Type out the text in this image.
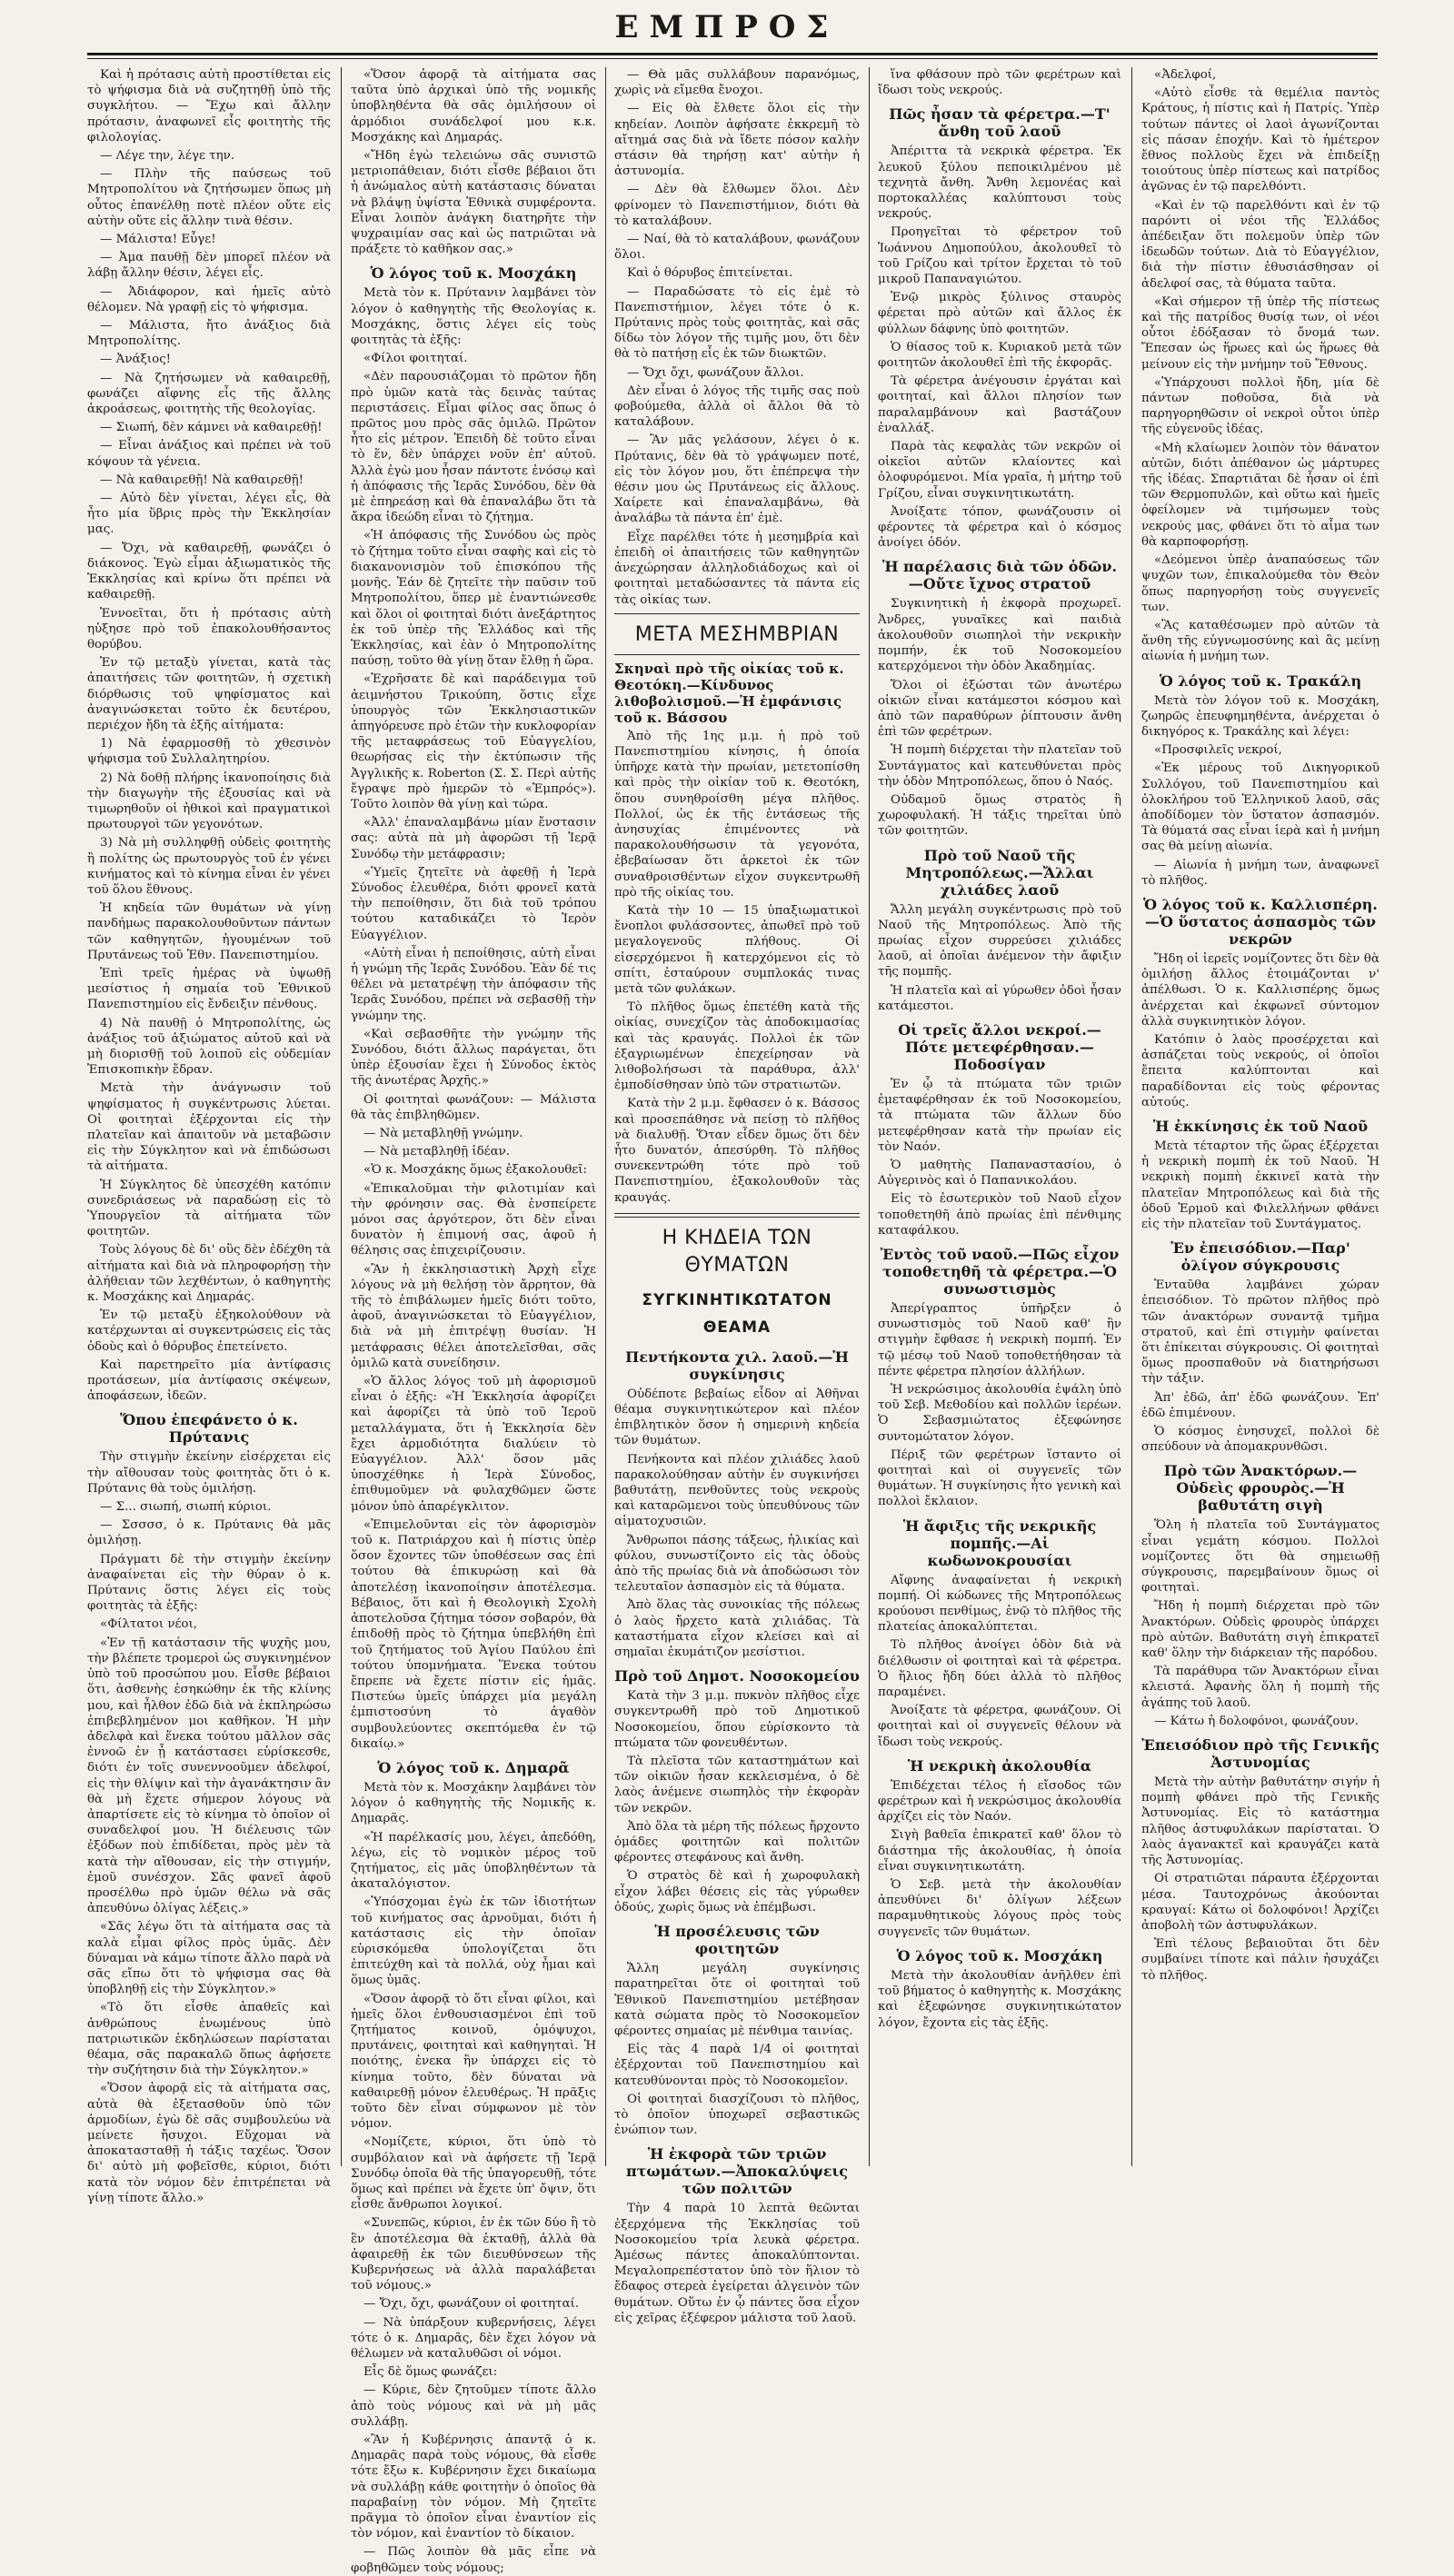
ΕΜΠΡΟΣ

Καὶ ἡ πρότασις αὐτὴ προστίθεται εἰς τὸ ψήφισμα διὰ νὰ συζητηθῇ ὑπὸ τῆς συγκλήτου. — Ἔχω καὶ ἄλλην πρότασιν, ἀναφωνεῖ εἷς φοιτητὴς τῆς φιλολογίας.

— Λέγε την, λέγε την.

— Πλὴν τῆς παύσεως τοῦ Μητροπολίτου νὰ ζητήσωμεν ὅπως μὴ οὗτος ἐπανέλθῃ ποτὲ πλέον οὔτε εἰς αὐτὴν οὔτε εἰς ἄλλην τινὰ θέσιν.

— Μάλιστα! Εὖγε!

— Ἀμα παυθῇ δὲν μπορεῖ πλέον νὰ λάβῃ ἄλλην θέσιν, λέγει εἷς.

— Ἀδιάφορον, καὶ ἡμεῖς αὐτὸ θέλομεν. Νὰ γραφῇ εἰς τὸ ψήφισμα.

— Μάλιστα, ἤτο ἀνάξιος διὰ Μητροπολίτης.

— Ἀνάξιος!

— Νὰ ζητήσωμεν νὰ καθαιρεθῇ, φωνάζει αἴφνης εἷς τῆς ἄλλης ἀκροάσεως, φοιτητὴς τῆς θεολογίας.

— Σιωπή, δὲν κάμνει νὰ καθαιρεθῇ!

— Εἶναι ἀνάξιος καὶ πρέπει νὰ τοῦ κόψουν τὰ γένεια.

— Νὰ καθαιρεθῇ! Νὰ καθαιρεθῇ!

— Αὐτὸ δὲν γίνεται, λέγει εἷς, θὰ ἦτο μία ὕβρις πρὸς τὴν Ἐκκλησίαν μας.

— Ὄχι, νὰ καθαιρεθῇ, φωνάζει ὁ διάκονος. Ἐγὼ εἶμαι ἀξιωματικὸς τῆς Ἐκκλησίας καὶ κρίνω ὅτι πρέπει νὰ καθαιρεθῇ.

Ἐννοεῖται, ὅτι ἡ πρότασις αὐτὴ ηὑξησε πρὸ τοῦ ἐπακολουθήσαντος θορύβου.

Ἐν τῷ μεταξὺ γίνεται, κατὰ τὰς ἀπαιτήσεις τῶν φοιτητῶν, ἡ σχετικὴ διόρθωσις τοῦ ψηφίσματος καὶ ἀναγινώσκεται τοῦτο ἐκ δευτέρου, περιέχον ἤδη τὰ ἑξῆς αἰτήματα:

1) Νὰ ἐφαρμοσθῇ τὸ χθεσινὸν ψήφισμα τοῦ Συλλαλητηρίου.

2) Νὰ δοθῇ πλήρης ἱκανοποίησις διὰ τὴν διαγωγὴν τῆς ἐξουσίας καὶ νὰ τιμωρηθοῦν οἱ ἠθικοὶ καὶ πραγματικοὶ πρωτουργοὶ τῶν γεγονότων.

3) Νὰ μὴ συλληφθῇ οὐδεὶς φοιτητὴς ἢ πολίτης ὡς πρωτουργὸς τοῦ ἐν γένει κινήματος καὶ τὸ κίνημα εἶναι ἐν γένει τοῦ ὅλου ἔθνους.

Ἡ κηδεία τῶν θυμάτων νὰ γίνῃ πανδήμως παρακολουθοῦντων πάντων τῶν καθηγητῶν, ἡγουμένων τοῦ Πρυτάνεως τοῦ Ἐθν. Πανεπιστημίου.

Ἐπὶ τρεῖς ἡμέρας νὰ ὑψωθῇ μεσίστιος ἡ σημαία τοῦ Ἐθνικοῦ Πανεπιστημίου εἰς ἔνδειξιν πένθους.

4) Νὰ παυθῇ ὁ Μητροπολίτης, ὡς ἀνάξιος τοῦ ἀξιώματος αὐτοῦ καὶ νὰ μὴ διορισθῇ τοῦ λοιποῦ εἰς οὐδεμίαν Ἐπισκοπικὴν ἕδραν.

Μετὰ τὴν ἀνάγνωσιν τοῦ ψηφίσματος ἡ συγκέντρωσις λύεται. Οἱ φοιτηταὶ ἐξέρχονται εἰς τὴν πλατεῖαν καὶ ἀπαιτοῦν νὰ μεταβῶσιν εἰς τὴν Σύγκλητον καὶ νὰ ἐπιδώσωσι τὰ αἰτήματα.

Ἡ Σύγκλητος δὲ ὑπεσχέθη κατόπιν συνεδριάσεως νὰ παραδώσῃ εἰς τὸ Ὑπουργεῖον τὰ αἰτήματα τῶν φοιτητῶν.

Τοὺς λόγους δὲ δι' οὓς δὲν ἐδέχθη τὰ αἰτήματα καὶ διὰ νὰ πληροφορήσῃ τὴν ἀλήθειαν τῶν λεχθέντων, ὁ καθηγητὴς κ. Μοσχάκης καὶ Δημαράς.

Ἐν τῷ μεταξὺ ἐξηκολούθουν νὰ κατέρχωνται αἱ συγκεντρώσεις εἰς τὰς ὁδοὺς καὶ ὁ θόρυβος ἐπετείνετο.

Καὶ παρετηρεῖτο μία ἀντίφασις προτάσεων, μία ἀντίφασις σκέψεων, ἀποφάσεων, ἰδεῶν.

Ὅπου ἐπεφάνετο ὁ κ. Πρύτανις

Τὴν στιγμὴν ἐκείνην εἰσέρχεται εἰς τὴν αἴθουσαν τοὺς φοιτητὰς ὅτι ὁ κ. Πρύτανις θὰ τοὺς ὁμιλήσῃ.

— Σ... σιωπή, σιωπή κύριοι.

— Σσσσσ, ὁ κ. Πρύτανις θὰ μᾶς ὁμιλήσῃ.

Πράγματι δὲ τὴν στιγμὴν ἐκείνην ἀναφαίνεται εἰς τὴν θύραν ὁ κ. Πρύτανις ὅστις λέγει εἰς τοὺς φοιτητὰς τὰ ἑξῆς:

«Φίλτατοι νέοι,

«Ἐν τῇ κατάστασιν τῆς ψυχῆς μου, τὴν βλέπετε τρομεροὶ ὡς συγκινημένον ὑπὸ τοῦ προσώπου μου. Εἶσθε βέβαιοι ὅτι, ἀσθενὴς ἐσηκώθην ἐκ τῆς κλίνης μου, καὶ ἦλθον ἐδῶ διὰ νὰ ἐκπληρώσω ἐπιβεβλημένον μοι καθῆκον. Ἡ μὴν ἀδελφὰ καὶ ἕνεκα τούτου μᾶλλον σᾶς ἐννοῶ ἐν ᾗ κατάστασει εὑρίσκεσθε, διότι ἐν τοῖς συνεννοοῦμεν ἀδελφοί, εἰς τὴν θλίψιν καὶ τὴν ἀγανάκτησιν ἂν θὰ μὴ ἔχετε σήμερον λόγους νὰ ἀπαρτίσετε εἰς τὸ κίνημα τὸ ὁποῖον οἱ συναδελφοί μου. Ἡ διέλευσις τῶν ἐξόδων ποὺ ἐπιδίδεται, πρὸς μὲν τὰ κατὰ τὴν αἴθουσαν, εἰς τὴν στιγμήν, ἐμοῦ συνέσχον. Σᾶς φανεῖ ἀφοῦ προσέλθω πρὸ ὑμῶν θέλω νὰ σᾶς ἀπευθύνω ὀλίγας λέξεις.»

«Σᾶς λέγω ὅτι τὰ αἰτήματα σας τὰ καλὰ εἶμαι φίλος πρὸς ὑμᾶς. Δὲν δύναμαι νὰ κάμω τίποτε ἄλλο παρὰ νὰ σᾶς εἴπω ὅτι τὸ ψήφισμα σας θὰ ὑποβληθῇ εἰς τὴν Σύγκλητον.»

«Τὸ ὅτι εἶσθε ἀπαθεῖς καὶ ἀνθρώπους ἐνωμένους ὑπὸ πατριωτικῶν ἐκδηλώσεων παρίσταται θέαμα, σᾶς παρακαλῶ ὅπως ἀφήσετε τὴν συζήτησιν διὰ τὴν Σύγκλητον.»

«Ὅσον ἀφορᾷ εἰς τὰ αἰτήματα σας, αὐτὰ θὰ ἐξετασθοῦν ὑπὸ τῶν ἁρμοδίων, ἐγὼ δὲ σᾶς συμβουλεύω νὰ μείνετε ἤσυχοι. Εὔχομαι νὰ ἀποκατασταθῇ ἡ τάξις ταχέως. Ὅσον δι' αὐτὸ μὴ φοβεῖσθε, κύριοι, διότι κατὰ τὸν νόμον δὲν ἐπιτρέπεται νὰ γίνῃ τίποτε ἄλλο.»

«Ὅσον ἀφορᾷ τὰ αἰτήματα σας ταῦτα ὑπὸ ἀρχικαὶ ὑπὸ τῆς νομικῆς ὑποβληθέντα θὰ σᾶς ὁμιλήσουν οἱ ἁρμόδιοι συνάδελφοί μου κ.κ. Μοσχάκης καὶ Δημαράς.

«Ἤδη ἐγὼ τελειώνω σᾶς συνιστῶ μετριοπάθειαν, διότι εἶσθε βέβαιοι ὅτι ἡ ἀνώμαλος αὐτὴ κατάστασις δύναται νὰ βλάψῃ ὑψίστα Ἐθνικὰ συμφέροντα. Εἶναι λοιπὸν ἀνάγκη διατηρῆτε τὴν ψυχραιμίαν σας καὶ ὡς πατριῶται νὰ πράξετε τὸ καθῆκον σας.»

Ὁ λόγος τοῦ κ. Μοσχάκη

Μετὰ τὸν κ. Πρύτανιν λαμβάνει τὸν λόγον ὁ καθηγητὴς τῆς Θεολογίας κ. Μοσχάκης, ὅστις λέγει εἰς τοὺς φοιτητὰς τὰ ἑξῆς:

«Φίλοι φοιτηταί.

«Δὲν παρουσιάζομαι τὸ πρῶτον ἤδη πρὸ ὑμῶν κατὰ τὰς δεινὰς ταύτας περιστάσεις. Εἶμαι φίλος σας ὅπως ὁ πρῶτος μου πρὸς σᾶς ὁμιλῶ. Πρῶτον ἦτο εἰς μέτρον. Ἐπειδὴ δὲ τοῦτο εἶναι τὸ ἕν, δὲν ὑπάρχει νοῦν ἐπ' αὐτοῦ. Ἀλλὰ ἐγὼ μου ἦσαν πάντοτε ἐνόσῳ καὶ ἡ ἀπόφασις τῆς Ἱερᾶς Συνόδου, δὲν θὰ μὲ ἐπηρεάσῃ καὶ θὰ ἐπαναλάβω ὅτι τὰ ἄκρα ἰδεώδη εἶναι τὸ ζήτημα.

«Ἡ ἀπόφασις τῆς Συνόδου ὡς πρὸς τὸ ζήτημα τοῦτο εἶναι σαφὴς καὶ εἰς τὸ διακανονισμὸν τοῦ ἐπισκόπου τῆς μονῆς. Ἐάν δὲ ζητεῖτε τὴν παῦσιν τοῦ Μητροπολίτου, ὅπερ μὲ ἐναντιώνεσθε καὶ ὅλοι οἱ φοιτηταὶ διότι ἀνεξάρτητος ἐκ τοῦ ὑπὲρ τῆς Ἑλλάδος καὶ τῆς Ἐκκλησίας, καὶ ἐὰν ὁ Μητροπολίτης παύσῃ, τοῦτο θὰ γίνῃ ὅταν ἔλθῃ ἡ ὥρα.

«Ἐχρῆσατε δὲ καὶ παράδειγμα τοῦ ἀειμνήστου Τρικούπη, ὅστις εἶχε ὑπουργὸς τῶν Ἐκκλησιαστικῶν ἀπηγόρευσε πρὸ ἐτῶν τὴν κυκλοφορίαν τῆς μεταφράσεως τοῦ Εὐαγγελίου, θεωρήσας εἰς τὴν ἐκτύπωσιν τῆς Ἀγγλικῆς κ. Roberton (Σ. Σ. Περὶ αὐτῆς ἔγραψε πρὸ ἡμερῶν τὸ «Ἐμπρός»). Τοῦτο λοιπὸν θὰ γίνῃ καὶ τώρα.

«Ἀλλ' ἐπαναλαμβάνω μίαν ἔνστασιν σας: αὐτὰ πὰ μὴ ἀφορῶσι τῇ Ἱερᾷ Συνόδῳ τὴν μετάφρασιν;

«Ὑμεῖς ζητεῖτε νὰ ἀφεθῇ ἡ Ἱερὰ Σύνοδος ἐλευθέρα, διότι φρονεῖ κατὰ τὴν πεποίθησιν, ὅτι διὰ τοῦ τρόπου τούτου καταδικάζει τὸ Ἱερὸν Εὐαγγέλιον.

«Αὐτὴ εἶναι ἡ πεποίθησις, αὐτὴ εἶναι ἡ γνώμη τῆς Ἱερᾶς Συνόδου. Ἐὰν δέ τις θέλει νὰ μετατρέψῃ τὴν ἀπόφασιν τῆς Ἱερᾶς Συνόδου, πρέπει νὰ σεβασθῇ τὴν γνώμην της.

«Καὶ σεβασθῆτε τὴν γνώμην τῆς Συνόδου, διότι ἄλλως παράγεται, ὅτι ὑπὲρ ἐξουσίαν ἔχει ἡ Σύνοδος ἐκτὸς τῆς ἀνωτέρας Ἀρχῆς.»

Οἱ φοιτηταὶ φωνάζουν: — Μάλιστα θὰ τὰς ἐπιβληθῶμεν.

— Νὰ μεταβληθῇ γνώμην.

— Νὰ μεταβληθῇ ἰδέαν.

«Ὁ κ. Μοσχάκης ὅμως ἐξακολουθεῖ:

«Ἐπικαλοῦμαι τὴν φιλοτιμίαν καὶ τὴν φρόνησιν σας. Θὰ ἐνσπείρετε μόνοι σας ἀργότερον, ὅτι δὲν εἶναι δυνατὸν ἡ ἐπιμονή σας, ἀφοῦ ἡ θέλησις σας ἐπιχειρίζουσιν.

«Ἂν ἡ ἐκκλησιαστικὴ Ἀρχὴ εἶχε λόγους νὰ μὴ θελήσῃ τὸν ἄρρητον, θὰ τῆς τὸ ἐπιβάλωμεν ἡμεῖς διότι τοῦτο, ἀφοῦ, ἀναγινώσκεται τὸ Εὐαγγέλιον, διὰ νὰ μὴ ἐπιτρέψῃ θυσίαν. Ἡ μετάφρασις θέλει ἀποτελεῖσθαι, σᾶς ὁμιλῶ κατὰ συνείδησιν.

«Ὁ ἄλλος λόγος τοῦ μὴ ἀφορισμοῦ εἶναι ὁ ἑξῆς: «Ἡ Ἐκκλησία ἀφορίζει καὶ ἀφορίζει τὰ ὑπὸ τοῦ Ἱεροῦ μεταλλάγματα, ὅτι ἡ Ἐκκλησία δὲν ἔχει ἀρμοδιότητα διαλύειν τὸ Εὐαγγέλιον. Ἀλλ' ὅσον μᾶς ὑποσχέθηκε ἡ Ἱερὰ Σύνοδος, ἐπιθυμοῦμεν νὰ φυλαχθῶμεν ὥστε μόνον ὑπὸ ἀπαρέγκλιτον.

«Ἐπιμελοῦνται εἰς τὸν ἀφορισμὸν τοῦ κ. Πατριάρχου καὶ ἡ πίστις ὑπὲρ ὅσον ἔχοντες τῶν ὑποθέσεων σας ἐπὶ τούτου θὰ ἐπικυρώσῃ καὶ θὰ ἀποτελέσῃ ἱκανοποίησιν ἀποτέλεσμα. Βέβαιος, ὅτι καὶ ἡ Θεολογικὴ Σχολὴ ἀποτελοῦσα ζήτημα τόσον σοβαρόν, θὰ ἐπιδοθῇ πρὸς τὸ ζήτημα ὑπεβλήθη ἐπὶ τοῦ ζητήματος τοῦ Ἀγίου Παύλου ἐπὶ τούτου ὑπομνήματα. Ἕνεκα τούτου ἔπρεπε νὰ ἔχετε πίστιν εἰς ἡμᾶς. Πιστεύω ὑμεῖς ὑπάρχει μία μεγάλη ἐμπιστοσύνη τὸ ἀγαθὸν συμβουλεύοντες σκεπτόμεθα ἐν τῷ δικαίῳ.»

Ὁ λόγος τοῦ κ. Δημαρᾶ

Μετὰ τὸν κ. Μοσχάκην λαμβάνει τὸν λόγον ὁ καθηγητὴς τῆς Νομικῆς κ. Δημαρᾶς.

«Ἡ παρέλκασίς μου, λέγει, ἀπεδόθη, λέγω, εἰς τὸ νομικὸν μέρος τοῦ ζητήματος, εἰς μᾶς ὑποβληθέντων τὰ ἀκαταλόγιστον.

«Ὑπόσχομαι ἐγὼ ἐκ τῶν ἰδιοτήτων τοῦ κινήματος σας ἀρνοῦμαι, διότι ἡ κατάστασις εἰς τὴν ὁποῖαν εὑρισκόμεθα ὑπολογίζεται ὅτι ἐπιτεύχθη καὶ τὰ πολλά, οὐχ ἦμαι καὶ ὅμως ὑμᾶς.

«Ὅσον ἀφορᾷ τὸ ὅτι εἶναι φίλοι, καὶ ἡμεῖς ὅλοι ἐνθουσιασμένοι ἐπὶ τοῦ ζητήματος κοινοῦ, ὁμόψυχοι, πρυτάνεις, φοιτηταὶ καὶ καθηγηταὶ. Ἡ ποιότης, ἐνεκα ἣν ὑπάρχει εἰς τὸ κίνημα τοῦτο, δὲν δύναται νὰ καθαιρεθῇ μόνον ἐλευθέρως. Ἡ πρᾶξις τοῦτο δὲν εἶναι σύμφωνον μὲ τὸν νόμον.

«Νομίζετε, κύριοι, ὅτι ὑπὸ τὸ συμβόλαιον καὶ νὰ ἀφήσετε τῇ Ἱερᾷ Συνόδῳ ὁποῖα θὰ τῆς ὑπαγορευθῇ, τότε ὅμως καὶ πρέπει νὰ ἔχετε ὑπ' ὄψιν, ὅτι εἶσθε ἄνθρωποι λογικοί.

«Συνεπῶς, κύριοι, ἐν ἐκ τῶν δύο ἢ τὸ ἓν ἀποτέλεσμα θὰ ἐκταθῇ, ἀλλὰ θὰ ἀφαιρεθῇ ἐκ τῶν διευθύνσεων τῆς Κυβερνήσεως νὰ ἀλλὰ παραλάβεται τοῦ νόμους.»

— Ὄχι, ὄχι, φωνάζουν οἱ φοιτηταί.

— Νὰ ὑπάρξουν κυβερνήσεις, λέγει τότε ὁ κ. Δημαρᾶς, δὲν ἔχει λόγον νὰ θέλωμεν νὰ καταλυθῶσι οἱ νόμοι.

Εἷς δὲ ὅμως φωνάζει:

— Κύριε, δὲν ζητοῦμεν τίποτε ἄλλο ἀπὸ τοὺς νόμους καὶ νὰ μὴ μᾶς συλλάβῃ.

«Ἂν ἡ Κυβέρνησις ἀπαντᾷ ὁ κ. Δημαρᾶς παρὰ τοὺς νόμους, θὰ εἶσθε τότε ἔξω κ. Κυβέρνησιν ἔχει δικαίωμα νὰ συλλάβῃ κάθε φοιτητὴν ὁ ὁποῖος θὰ παραβαίνῃ τὸν νόμον. Μὴ ζητεῖτε πρᾶγμα τὸ ὁποῖον εἶναι ἐναντίον εἰς τὸν νόμον, καὶ ἐναντίον τὸ δίκαιον.

— Πῶς λοιπὸν θὰ μᾶς εἶπε νὰ φοβηθῶμεν τοὺς νόμους;

— Θὰ μᾶς συλλάβουν παρανόμως, χωρὶς νὰ εἴμεθα ἔνοχοι.

— Εἰς θὰ ἔλθετε ὅλοι εἰς τὴν κηδείαν. Λοιπὸν ἀφήσατε ἐκκρεμῆ τὸ αἴτημά σας διὰ νὰ ἴδετε πόσον καλὴν στάσιν θὰ τηρήσῃ κατ' αὐτὴν ἡ ἀστυνομία.

— Δὲν θὰ ἔλθωμεν ὅλοι. Δὲν φρίνομεν τὸ Πανεπιστήμιον, διότι θὰ τὸ καταλάβουν.

— Ναί, θὰ τὸ καταλάβουν, φωνάζουν ὅλοι.

Καὶ ὁ θόρυβος ἐπιτείνεται.

— Παραδώσατε τὸ εἰς ἐμὲ τὸ Πανεπιστήμιον, λέγει τότε ὁ κ. Πρύτανις πρὸς τοὺς φοιτητὰς, καὶ σᾶς δίδω τὸν λόγον τῆς τιμῆς μου, ὅτι δὲν θὰ τὸ πατήσῃ εἷς ἐκ τῶν διωκτῶν.

— Ὄχι ὄχι, φωνάζουν ἄλλοι.

Δὲν εἶναι ὁ λόγος τῆς τιμῆς σας ποὺ φοβούμεθα, ἀλλὰ οἱ ἄλλοι θὰ τὸ καταλάβουν.

— Ἂν μᾶς γελάσουν, λέγει ὁ κ. Πρύτανις, δὲν θὰ τὸ γράψωμεν ποτέ, εἰς τὸν λόγον μου, ὅτι ἐπέπρεψα τὴν θέσιν μου ὡς Πρυτάνεως εἰς ἄλλους. Χαίρετε καὶ ἐπαναλαμβάνω, θὰ ἀναλάβω τὰ πάντα ἐπ' ἐμὲ.

Εἶχε παρέλθει τότε ἡ μεσημβρία καὶ ἐπειδὴ οἱ ἀπαιτήσεις τῶν καθηγητῶν ἀνεχώρησαν ἀλληλοδιάδοχως καὶ οἱ φοιτηταὶ μεταδώσαντες τὰ πάντα εἰς τὰς οἰκίας των.

ΜΕΤΑ ΜΕΣΗΜΒΡΙΑΝ
Σκηναὶ πρὸ τῆς οἰκίας τοῦ κ. Θεοτόκη.—Κίνδυνος λιθοβολισμοῦ.—Ἡ ἐμφάνισις τοῦ κ. Βάσσου

Ἀπὸ τῆς 1ης μ.μ. ἡ πρὸ τοῦ Πανεπιστημίου κίνησις, ἡ ὁποία ὑπῆρχε κατὰ τὴν πρωίαν, μετετοπίσθη καὶ πρὸς τὴν οἰκίαν τοῦ κ. Θεοτόκη, ὅπου συνηθροίσθη μέγα πλῆθος. Πολλοί, ὡς ἐκ τῆς ἐντάσεως τῆς ἀνησυχίας ἐπιμένοντες νὰ παρακολουθήσωσιν τὰ γεγονότα, ἐβεβαίωσαν ὅτι ἀρκετοὶ ἐκ τῶν συναθροισθέντων εἶχον συγκεντρωθῆ πρὸ τῆς οἰκίας του.

Κατὰ τὴν 10 — 15 ὑπαξιωματικοὶ ἔνοπλοι φυλάσσοντες, ἀπωθεῖ πρὸ τοῦ μεγαλογενοῦς πλήθους. Οἱ εἰσερχόμενοι ἢ κατερχόμενοι εἰς τὸ σπίτι, ἐσταύρουν συμπλοκάς τινας μετὰ τῶν φυλάκων.

Τὸ πλῆθος ὅμως ἐπετέθη κατὰ τῆς οἰκίας, συνεχίζον τὰς ἀποδοκιμασίας καὶ τὰς κραυγάς. Πολλοὶ ἐκ τῶν ἐξαγριωμένων ἐπεχείρησαν νὰ λιθοβολήσωσι τὰ παράθυρα, ἀλλ' ἐμποδίσθησαν ὑπὸ τῶν στρατιωτῶν.

Κατὰ τὴν 2 μ.μ. ἔφθασεν ὁ κ. Βάσσος καὶ προσεπάθησε νὰ πείσῃ τὸ πλῆθος νὰ διαλυθῇ. Ὅταν εἶδεν ὅμως ὅτι δὲν ἦτο δυνατόν, ἀπεσύρθη. Τὸ πλῆθος συνεκεντρώθη τότε πρὸ τοῦ Πανεπιστημίου, ἐξακολουθοῦν τὰς κραυγάς.

Η ΚΗΔΕΙΑ ΤΩΝ ΘΥΜΑΤΩΝ
ΣΥΓΚΙΝΗΤΙΚΩΤΑΤΟΝ ΘΕΑΜΑ
Πεντήκοντα χιλ. λαοῦ.—Ἡ συγκίνησις

Οὐδέποτε βεβαίως εἶδον αἱ Ἀθῆναι θέαμα συγκινητικώτερον καὶ πλέον ἐπιβλητικὸν ὅσον ἡ σημερινὴ κηδεία τῶν θυμάτων.

Πενήκοντα καὶ πλέον χιλιάδες λαοῦ παρακολούθησαν αὐτὴν ἐν συγκινήσει βαθυτάτῃ, πενθοῦντες τοὺς νεκροὺς καὶ καταρῶμενοι τοὺς ὑπευθύνους τῶν αἱματοχυσιῶν.

Ἄνθρωποι πάσης τάξεως, ἡλικίας καὶ φύλου, συνωστίζοντο εἰς τὰς ὁδοὺς ἀπὸ τῆς πρωίας διὰ νὰ ἀποδώσωσι τὸν τελευταῖον ἀσπασμὸν εἰς τὰ θύματα.

Ἀπὸ ὅλας τὰς συνοικίας τῆς πόλεως ὁ λαὸς ἤρχετο κατὰ χιλιάδας. Τὰ καταστήματα εἶχον κλείσει καὶ αἱ σημαῖαι ἐκυμάτιζον μεσίστιοι.

Πρὸ τοῦ Δημοτ. Νοσοκομείου

Κατὰ τὴν 3 μ.μ. πυκνὸν πλῆθος εἶχε συγκεντρωθῆ πρὸ τοῦ Δημοτικοῦ Νοσοκομείου, ὅπου εὑρίσκοντο τὰ πτώματα τῶν φονευθέντων.

Τὰ πλεῖστα τῶν καταστημάτων καὶ τῶν οἰκιῶν ἦσαν κεκλεισμένα, ὁ δὲ λαὸς ἀνέμενε σιωπηλὸς τὴν ἐκφορὰν τῶν νεκρῶν.

Ἀπὸ ὅλα τὰ μέρη τῆς πόλεως ἤρχοντο ὁμάδες φοιτητῶν καὶ πολιτῶν φέροντες στεφάνους καὶ ἄνθη.

Ὁ στρατὸς δὲ καὶ ἡ χωροφυλακὴ εἶχον λάβει θέσεις εἰς τὰς γύρωθεν ὁδούς, χωρὶς ὅμως νὰ ἐπέμβωσι.

Ἡ προσέλευσις τῶν φοιτητῶν

Ἄλλη μεγάλη συγκίνησις παρατηρεῖται ὅτε οἱ φοιτηταὶ τοῦ Ἐθνικοῦ Πανεπιστημίου μετέβησαν κατὰ σώματα πρὸς τὸ Νοσοκομεῖον φέροντες σημαίας μὲ πένθιμα ταινίας.

Εἰς τὰς 4 παρὰ 1/4 οἱ φοιτηταὶ ἐξέρχονται τοῦ Πανεπιστημίου καὶ κατευθύνονται πρὸς τὸ Νοσοκομεῖον.

Οἱ φοιτηταὶ διασχίζουσι τὸ πλῆθος, τὸ ὁποῖον ὑποχωρεῖ σεβαστικῶς ἐνώπιον των.

Ἡ ἐκφορὰ τῶν τριῶν πτωμάτων.—Ἀποκαλύψεις τῶν πολιτῶν

Τὴν 4 παρὰ 10 λεπτὰ θεῶνται ἐξερχόμενα τῆς Ἐκκλησίας τοῦ Νοσοκομείου τρία λευκὰ φέρετρα. Ἀμέσως πάντες ἀποκαλύπτονται. Μεγαλοπρεπέστατον ὑπὸ τὸν ἥλιον τὸ ἔδαφος στερεὰ ἐγείρεται ἀλγεινὸν τῶν θυμάτων. Οὕτω ἐν ᾧ πάντες ὅσα εἶχον εἰς χεῖρας ἐξέφερον μάλιστα τοῦ λαοῦ.

ἵνα φθάσουν πρὸ τῶν φερέτρων καὶ ἴδωσι τοὺς νεκρούς.

Πῶς ἦσαν τὰ φέρετρα.—Τ' ἄνθη τοῦ λαοῦ

Ἀπέριττα τὰ νεκρικὰ φέρετρα. Ἐκ λευκοῦ ξύλου πεποικιλμένου μὲ τεχνητὰ ἄνθη. Ἄνθη λεμονέας καὶ πορτοκαλλέας καλύπτουσι τοὺς νεκρούς.

Προηγεῖται τὸ φέρετρον τοῦ Ἰωάννου Δημοπούλου, ἀκολουθεῖ τὸ τοῦ Γρίζου καὶ τρίτον ἔρχεται τὸ τοῦ μικροῦ Παπαναγιώτου.

Ἐνῷ μικρὸς ξύλινος σταυρὸς φέρεται πρὸ αὐτῶν καὶ ἄλλος ἐκ φύλλων δάφνης ὑπὸ φοιτητῶν.

Ὁ θίασος τοῦ κ. Κυριακοῦ μετὰ τῶν φοιτητῶν ἀκολουθεῖ ἐπὶ τῆς ἐκφορᾶς.

Τὰ φέρετρα ἀνέγουσιν ἐργάται καὶ φοιτηταί, καὶ ἄλλοι πλησίον των παραλαμβάνουν καὶ βαστάζουν ἐναλλάξ.

Παρὰ τὰς κεφαλὰς τῶν νεκρῶν οἱ οἰκεῖοι αὐτῶν κλαίοντες καὶ ὀλοφυρόμενοι. Μία γραῖα, ἡ μήτηρ τοῦ Γρίζου, εἶναι συγκινητικωτάτη.

Ἀνοίξατε τόπον, φωνάζουσιν οἱ φέροντες τὰ φέρετρα καὶ ὁ κόσμος ἀνοίγει ὁδόν.

Ἡ παρέλασις διὰ τῶν ὁδῶν.—Οὔτε ἴχνος στρατοῦ

Συγκινητικὴ ἡ ἐκφορὰ προχωρεῖ. Ἀνδρες, γυναῖκες καὶ παιδιὰ ἀκολουθοῦν σιωπηλοὶ τὴν νεκρικὴν πομπήν, ἐκ τοῦ Νοσοκομείου κατερχόμενοι τὴν ὁδὸν Ἀκαδημίας.

Ὅλοι οἱ ἐξώσται τῶν ἀνωτέρω οἰκιῶν εἶναι κατάμεστοι κόσμου καὶ ἀπὸ τῶν παραθύρων ῥίπτουσιν ἄνθη ἐπὶ τῶν φερέτρων.

Ἡ πομπὴ διέρχεται τὴν πλατεῖαν τοῦ Συντάγματος καὶ κατευθύνεται πρὸς τὴν ὁδὸν Μητροπόλεως, ὅπου ὁ Ναός.

Οὐδαμοῦ ὅμως στρατὸς ἢ χωροφυλακή. Ἡ τάξις τηρεῖται ὑπὸ τῶν φοιτητῶν.

Πρὸ τοῦ Ναοῦ τῆς Μητροπόλεως.—Ἄλλαι χιλιάδες λαοῦ

Ἄλλη μεγάλη συγκέντρωσις πρὸ τοῦ Ναοῦ τῆς Μητροπόλεως. Ἀπὸ τῆς πρωίας εἶχον συρρεύσει χιλιάδες λαοῦ, αἱ ὁποῖαι ἀνέμενον τὴν ἄφιξιν τῆς πομπῆς.

Ἡ πλατεῖα καὶ αἱ γύρωθεν ὁδοὶ ἦσαν κατάμεστοι.

Οἱ τρεῖς ἄλλοι νεκροί.—Πότε μετεφέρθησαν.—Ποδοσίγαν

Ἐν ᾧ τὰ πτώματα τῶν τριῶν ἐμεταφέρθησαν ἐκ τοῦ Νοσοκομείου, τὰ πτώματα τῶν ἄλλων δύο μετεφέρθησαν κατὰ τὴν πρωίαν εἰς τὸν Ναόν.

Ὁ μαθητὴς Παπαναστασίου, ὁ Αὐγερινὸς καὶ ὁ Παπανικολάου.

Εἰς τὸ ἐσωτερικὸν τοῦ Ναοῦ εἶχον τοποθετηθῆ ἀπὸ πρωίας ἐπὶ πένθιμης καταφάλκου.

Ἐντὸς τοῦ ναοῦ.—Πῶς εἶχον τοποθετηθῆ τὰ φέρετρα.—Ὁ συνωστισμὸς

Ἀπερίγραπτος ὑπῆρξεν ὁ συνωστισμὸς τοῦ Ναοῦ καθ' ἣν στιγμὴν ἔφθασε ἡ νεκρικὴ πομπή. Ἐν τῷ μέσῳ τοῦ Ναοῦ τοποθετήθησαν τὰ πέντε φέρετρα πλησίον ἀλλήλων.

Ἡ νεκρώσιμος ἀκολουθία ἐψάλη ὑπὸ τοῦ Σεβ. Μεθοδίου καὶ πολλῶν ἱερέων. Ὁ Σεβασμιώτατος ἐξεφώνησε συντομώτατον λόγον.

Πέριξ τῶν φερέτρων ἵσταντο οἱ φοιτηταὶ καὶ οἱ συγγενεῖς τῶν θυμάτων. Ἡ συγκίνησις ἦτο γενικὴ καὶ πολλοὶ ἔκλαιον.

Ἡ ἄφιξις τῆς νεκρικῆς πομπῆς.—Αἱ κωδωνοκρουσίαι

Αἴφνης ἀναφαίνεται ἡ νεκρικὴ πομπή. Οἱ κώδωνες τῆς Μητροπόλεως κρούουσι πενθίμως, ἐνῷ τὸ πλῆθος τῆς πλατείας ἀποκαλύπτεται.

Τὸ πλῆθος ἀνοίγει ὁδὸν διὰ νὰ διέλθωσιν οἱ φοιτηταὶ καὶ τὰ φέρετρα. Ὁ ἥλιος ἤδη δύει ἀλλὰ τὸ πλῆθος παραμένει.

Ἀνοίξατε τὰ φέρετρα, φωνάζουν. Οἱ φοιτηταὶ καὶ οἱ συγγενεῖς θέλουν νὰ ἴδωσι τοὺς νεκρούς.

Ἡ νεκρικὴ ἀκολουθία

Ἐπιδέχεται τέλος ἡ εἴσοδος τῶν φερέτρων καὶ ἡ νεκρώσιμος ἀκολουθία ἀρχίζει εἰς τὸν Ναόν.

Σιγὴ βαθεῖα ἐπικρατεῖ καθ' ὅλον τὸ διάστημα τῆς ἀκολουθίας, ἡ ὁποία εἶναι συγκινητικωτάτη.

Ὁ Σεβ. μετὰ τὴν ἀκολουθίαν ἀπευθύνει δι' ὀλίγων λέξεων παραμυθητικοὺς λόγους πρὸς τοὺς συγγενεῖς τῶν θυμάτων.

Ὁ λόγος τοῦ κ. Μοσχάκη

Μετὰ τὴν ἀκολουθίαν ἀνῆλθεν ἐπὶ τοῦ βήματος ὁ καθηγητὴς κ. Μοσχάκης καὶ ἐξεφώνησε συγκινητικώτατον λόγον, ἔχοντα εἰς τὰς ἑξῆς.

«Ἀδελφοί,

«Αὐτὸ εἶσθε τὰ θεμέλια παντὸς Κράτους, ἡ πίστις καὶ ἡ Πατρίς. Ὑπὲρ τούτων πάντες οἱ λαοὶ ἀγωνίζονται εἰς πάσαν ἐποχήν. Καὶ τὸ ἡμέτερον ἔθνος πολλοὺς ἔχει νὰ ἐπιδείξῃ τοιούτους ὑπὲρ πίστεως καὶ πατρίδος ἀγῶνας ἐν τῷ παρελθόντι.

«Καὶ ἐν τῷ παρελθόντι καὶ ἐν τῷ παρόντι οἱ νέοι τῆς Ἑλλάδος ἀπέδειξαν ὅτι πολεμοῦν ὑπὲρ τῶν ἰδεωδῶν τούτων. Διὰ τὸ Εὐαγγέλιον, διὰ τὴν πίστιν ἐθυσιάσθησαν οἱ ἀδελφοί σας, τὰ θύματα ταῦτα.

«Καὶ σήμερον τῇ ὑπὲρ τῆς πίστεως καὶ τῆς πατρίδος θυσίᾳ των, οἱ νέοι οὗτοι ἐδόξασαν τὸ ὄνομά των. Ἔπεσαν ὡς ἥρωες καὶ ὡς ἥρωες θὰ μείνουν εἰς τὴν μνήμην τοῦ Ἔθνους.

«Ὑπάρχουσι πολλοὶ ἤδη, μία δὲ πάντων ποθοῦσα, διὰ νὰ παρηγορηθῶσιν οἱ νεκροὶ οὗτοι ὑπὲρ τῆς εὐγενοῦς ἰδέας.

«Μὴ κλαίωμεν λοιπὸν τὸν θάνατον αὐτῶν, διότι ἀπέθανον ὡς μάρτυρες τῆς ἰδέας. Σπαρτιᾶται δὲ ἦσαν οἱ ἐπὶ τῶν Θερμοπυλῶν, καὶ οὕτω καὶ ἡμεῖς ὀφείλομεν νὰ τιμήσωμεν τοὺς νεκρούς μας, φθάνει ὅτι τὸ αἷμα των θὰ καρποφορήσῃ.

«Δεόμενοι ὑπὲρ ἀναπαύσεως τῶν ψυχῶν των, ἐπικαλούμεθα τὸν Θεὸν ὅπως παρηγορήσῃ τοὺς συγγενεῖς των.

«Ἂς καταθέσωμεν πρὸ αὐτῶν τὰ ἄνθη τῆς εὐγνωμοσύνης καὶ ἂς μείνῃ αἰωνία ἡ μνήμη των.

Ὁ λόγος τοῦ κ. Τρακάλη

Μετὰ τὸν λόγον τοῦ κ. Μοσχάκη, ζωηρῶς ἐπευφημηθέντα, ἀνέρχεται ὁ δικηγόρος κ. Τρακάλης καὶ λέγει:

«Προσφιλεῖς νεκροί,

«Ἐκ μέρους τοῦ Δικηγορικοῦ Συλλόγου, τοῦ Πανεπιστημίου καὶ ὁλοκλήρου τοῦ Ἑλληνικοῦ λαοῦ, σᾶς ἀποδίδομεν τὸν ὕστατον ἀσπασμόν. Τὰ θύματά σας εἶναι ἱερὰ καὶ ἡ μνήμη σας θὰ μείνῃ αἰωνία.

— Αἰωνία ἡ μνήμη των, ἀναφωνεῖ τὸ πλῆθος.

Ὁ λόγος τοῦ κ. Καλλισπέρη.—Ὁ ὕστατος ἀσπασμὸς τῶν νεκρῶν

Ἤδη οἱ ἱερεῖς νομίζοντες ὅτι δὲν θὰ ὁμιλήσῃ ἄλλος ἐτοιμάζονται ν' ἀπέλθωσι. Ὁ κ. Καλλισπέρης ὅμως ἀνέρχεται καὶ ἐκφωνεῖ σύντομον ἀλλὰ συγκινητικὸν λόγον.

Κατόπιν ὁ λαὸς προσέρχεται καὶ ἀσπάζεται τοὺς νεκρούς, οἱ ὁποῖοι ἔπειτα καλύπτονται καὶ παραδίδονται εἰς τοὺς φέροντας αὐτούς.

Ἡ ἐκκίνησις ἐκ τοῦ Ναοῦ

Μετὰ τέταρτον τῆς ὥρας ἐξέρχεται ἡ νεκρικὴ πομπὴ ἐκ τοῦ Ναοῦ. Ἡ νεκρικὴ πομπὴ ἐκκινεῖ κατὰ τὴν πλατεῖαν Μητροπόλεως καὶ διὰ τῆς ὁδοῦ Ἑρμοῦ καὶ Φιλελλήνων φθάνει εἰς τὴν πλατεῖαν τοῦ Συντάγματος.

Ἐν ἐπεισόδιον.—Παρ' ὀλίγον σύγκρουσις

Ἐνταῦθα λαμβάνει χώραν ἐπεισόδιον. Τὸ πρῶτον πλῆθος πρὸ τῶν ἀνακτόρων συναντᾷ τμῆμα στρατοῦ, καὶ ἐπὶ στιγμὴν φαίνεται ὅτι ἐπίκειται σύγκρουσις. Οἱ φοιτηταὶ ὅμως προσπαθοῦν νὰ διατηρήσωσι τὴν τάξιν.

Ἀπ' ἐδῶ, ἀπ' ἐδῶ φωνάζουν. Ἐπ' ἐδῶ ἐπιμένουν.

Ὁ κόσμος ἐνησυχεῖ, πολλοὶ δὲ σπεύδουν νὰ ἀπομακρυνθῶσι.

Πρὸ τῶν Ἀνακτόρων.—Οὐδεὶς φρουρὸς.—Ἡ βαθυτάτη σιγὴ

Ὅλη ἡ πλατεῖα τοῦ Συντάγματος εἶναι γεμάτη κόσμου. Πολλοὶ νομίζοντες ὅτι θὰ σημειωθῇ σύγκρουσις, παρεμβαίνουν ὅμως οἱ φοιτηταὶ.

Ἤδη ἡ πομπὴ διέρχεται πρὸ τῶν Ἀνακτόρων. Οὐδεὶς φρουρὸς ὑπάρχει πρὸ αὐτῶν. Βαθυτάτη σιγὴ ἐπικρατεῖ καθ' ὅλην τὴν διάρκειαν τῆς παρόδου.

Τὰ παράθυρα τῶν Ἀνακτόρων εἶναι κλειστά. Ἀφανὴς ὅλη ἡ πομπὴ τῆς ἀγάπης τοῦ λαοῦ.

— Κάτω ἡ δολοφόνοι, φωνάζουν.

Ἐπεισόδιον πρὸ τῆς Γενικῆς Ἀστυνομίας

Μετὰ τὴν αὐτὴν βαθυτάτην σιγήν ἡ πομπὴ φθάνει πρὸ τῆς Γενικῆς Ἀστυνομίας. Εἰς τὸ κατάστημα πλῆθος ἀστυφυλάκων παρίσταται. Ὁ λαὸς ἀγανακτεῖ καὶ κραυγάζει κατὰ τῆς Ἀστυνομίας.

Οἱ στρατιῶται πάραυτα ἐξέρχονται μέσα. Ταυτοχρόνως ἀκούονται κραυγαί: Κάτω οἱ δολοφόνοι! Ἀρχίζει ἀποβολὴ τῶν ἀστυφυλάκων.

Ἐπὶ τέλους βεβαιοῦται ὅτι δὲν συμβαίνει τίποτε καὶ πάλιν ἡσυχάζει τὸ πλῆθος.
